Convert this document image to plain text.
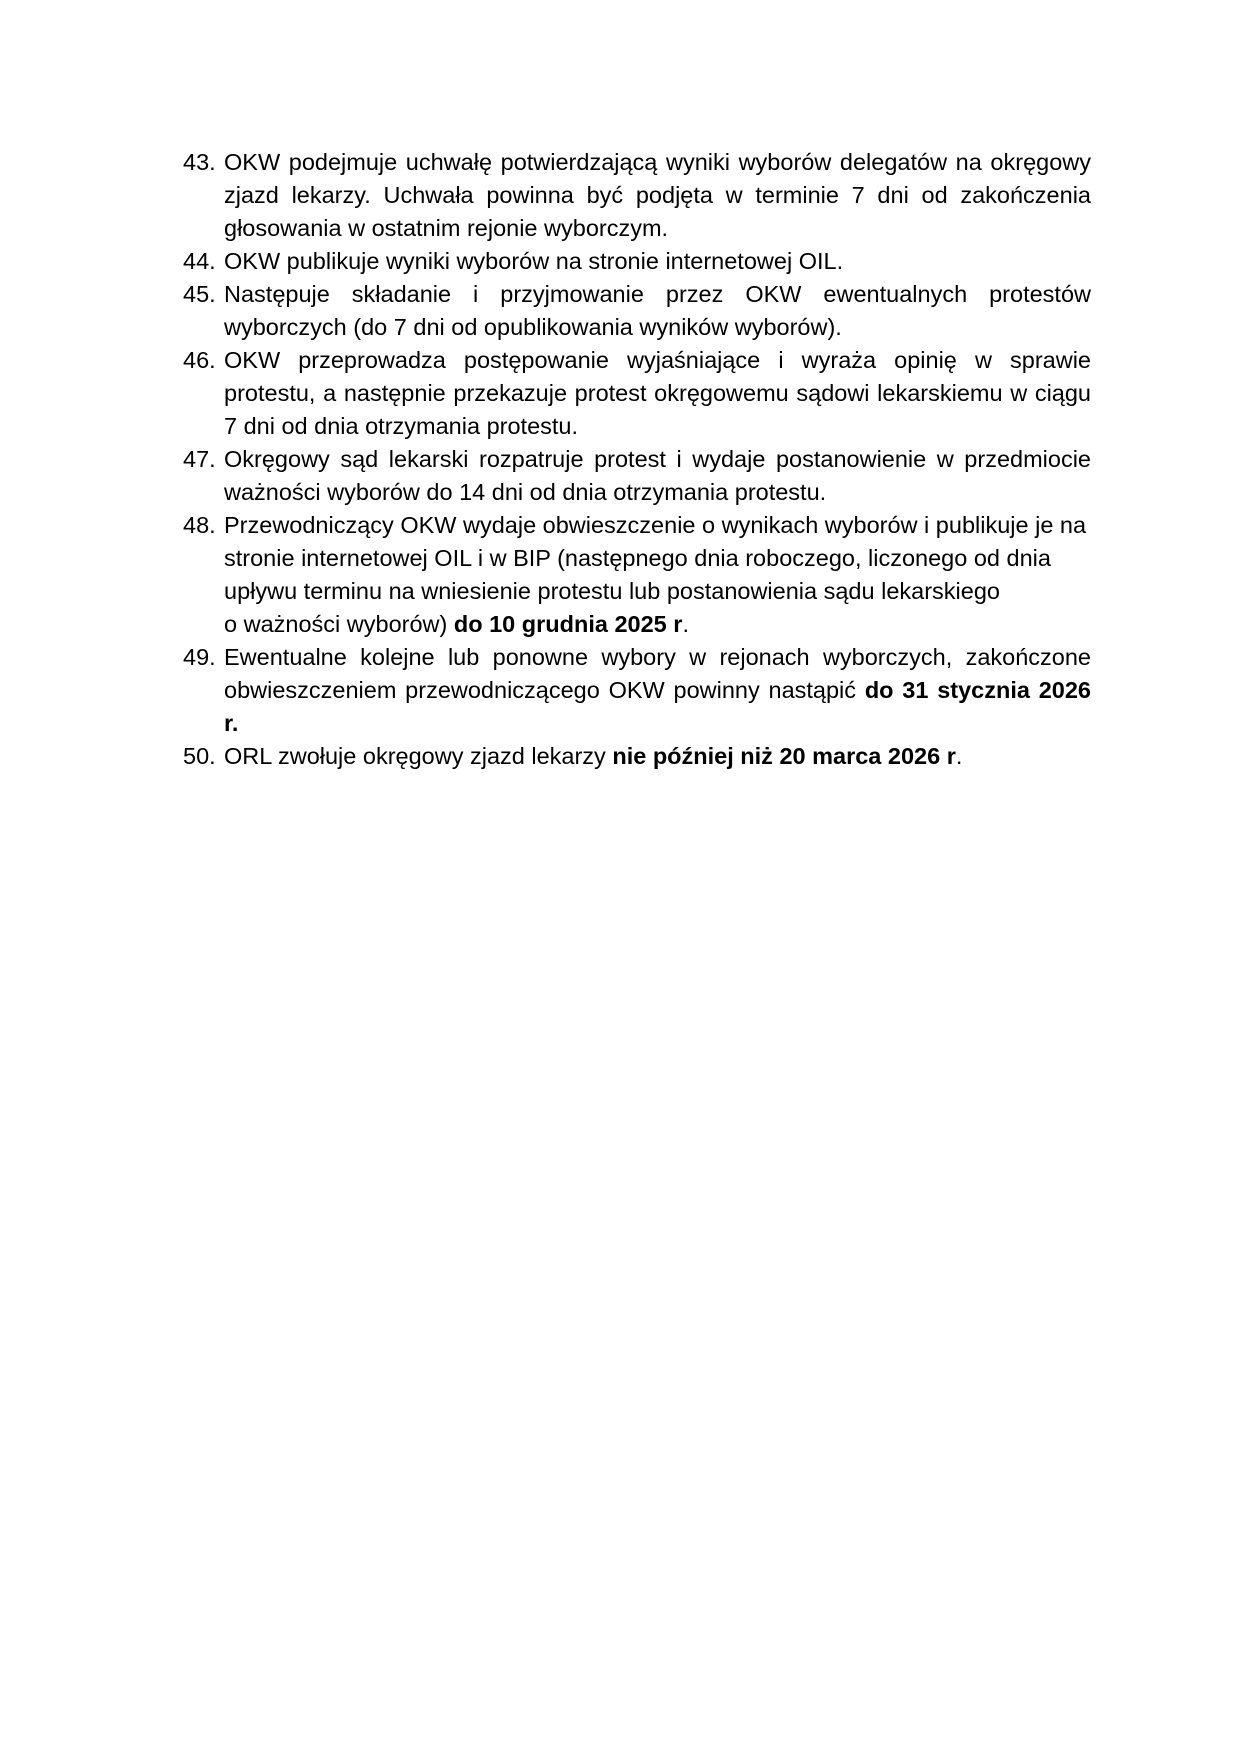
43. OKW podejmuje uchwałę potwierdzającą wyniki wyborów delegatów na okręgowy zjazd lekarzy. Uchwała powinna być podjęta w terminie 7 dni od zakończenia głosowania w ostatnim rejonie wyborczym.
44. OKW publikuje wyniki wyborów na stronie internetowej OIL.
45. Następuje składanie i przyjmowanie przez OKW ewentualnych protestów wyborczych (do 7 dni od opublikowania wyników wyborów).
46. OKW przeprowadza postępowanie wyjaśniające i wyraża opinię w sprawie protestu, a następnie przekazuje protest okręgowemu sądowi lekarskiemu w ciągu 7 dni od dnia otrzymania protestu.
47. Okręgowy sąd lekarski rozpatruje protest i wydaje postanowienie w przedmiocie ważności wyborów do 14 dni od dnia otrzymania protestu.
48. Przewodniczący OKW wydaje obwieszczenie o wynikach wyborów i publikuje je na stronie internetowej OIL i w BIP (następnego dnia roboczego, liczonego od dnia upływu terminu na wniesienie protestu lub postanowienia sądu lekarskiego
o ważności wyborów) do 10 grudnia 2025 r.
49. Ewentualne kolejne lub ponowne wybory w rejonach wyborczych, zakończone obwieszczeniem przewodniczącego OKW powinny nastąpić do 31 stycznia 2026 r.
50. ORL zwołuje okręgowy zjazd lekarzy nie później niż 20 marca 2026 r.
